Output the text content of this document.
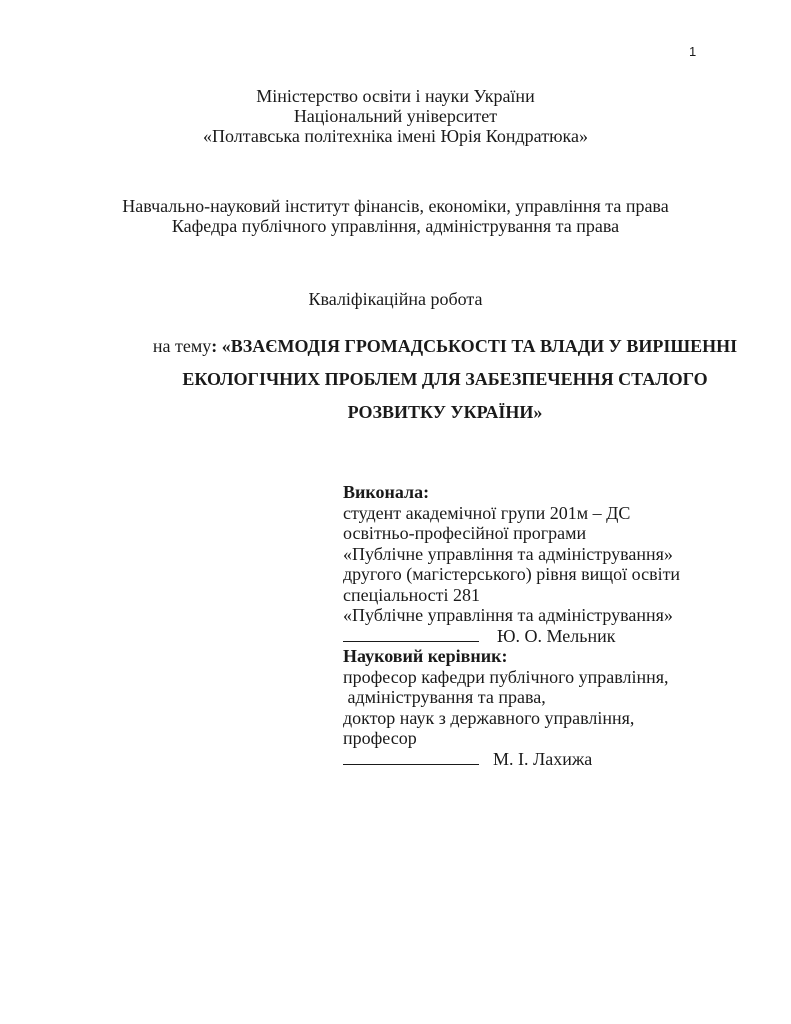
1
Міністерство освіти і науки України
Національний університет
«Полтавська політехніка імені Юрія Кондратюка»
Навчально-науковий інститут фінансів, економіки, управління та права
Кафедра публічного управління, адміністрування та права
Кваліфікаційна робота
на тему: «ВЗАЄМОДІЯ ГРОМАДСЬКОСТІ ТА ВЛАДИ У ВИРІШЕННІ
ЕКОЛОГІЧНИХ ПРОБЛЕМ ДЛЯ ЗАБЕЗПЕЧЕННЯ СТАЛОГО
РОЗВИТКУ УКРАЇНИ»
Виконала:
студент академічної групи 201м – ДС
освітньо-професійної програми
«Публічне управління та адміністрування»
другого (магістерського) рівня вищої освіти
спеціальності 281
«Публічне управління та адміністрування»
Ю. О. Мельник
Науковий керівник:
професор кафедри публічного управління,
адміністрування та права,
доктор наук з державного управління,
професор
М. І. Лахижа
